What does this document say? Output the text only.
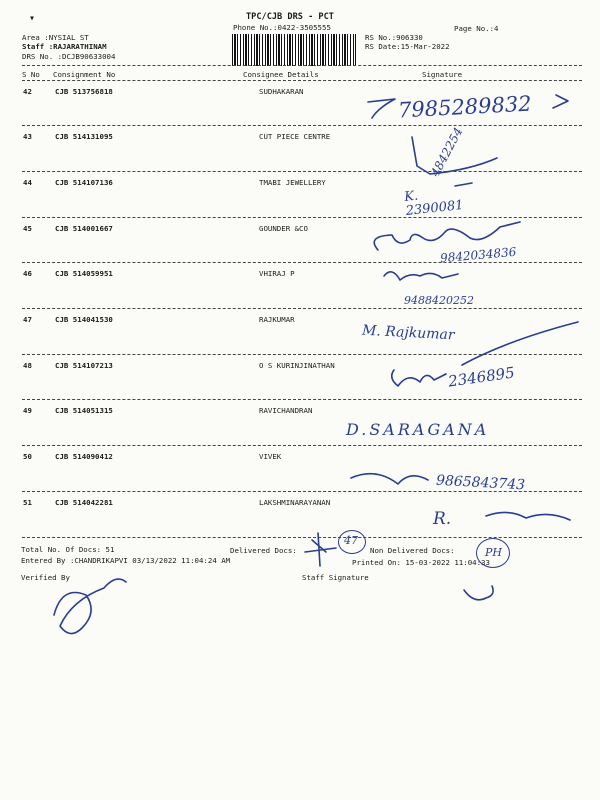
▾	TPC/CJB DRS - PCT
Phone No.:0422-3505555	Page No.:4
Area :NYSIAL ST
Staff :RAJARATHINAM
DRS No. :DCJB90633004
RS No.:906330
RS Date:15-Mar-2022
S No Consignment No	Consignee Details	Signature
42	CJB 513756818	SUDHAKARAN
7985289832
43	CJB 514131095	CUT PIECE CENTRE	4842254
44	CJB 514107136	TMABI JEWELLERY
K.
2390081
45	CJB 514001667	GOUNDER &CO
9842034836
46	CJB 514059951	VHIRAJ P
9488420252
47	CJB 514041530	RAJKUMAR
M. Rajkumar
48	CJB 514107213	O S KURINJINATHAN	2346895
49	CJB 514051315	RAVICHANDRAN
D.SARAGANA
50	CJB 514090412	VIVEK
9865843743
51	CJB 514042281	LAKSHMINARAYANAN
R.
Total No. Of Docs: 51	Delivered Docs:	Non Delivered Docs:
Entered By :CHANDRIKAPVI 03/13/2022 11:04:24 AM	Printed On: 15-03-2022 11:04:33
Verified By	Staff Signature
47
PH
